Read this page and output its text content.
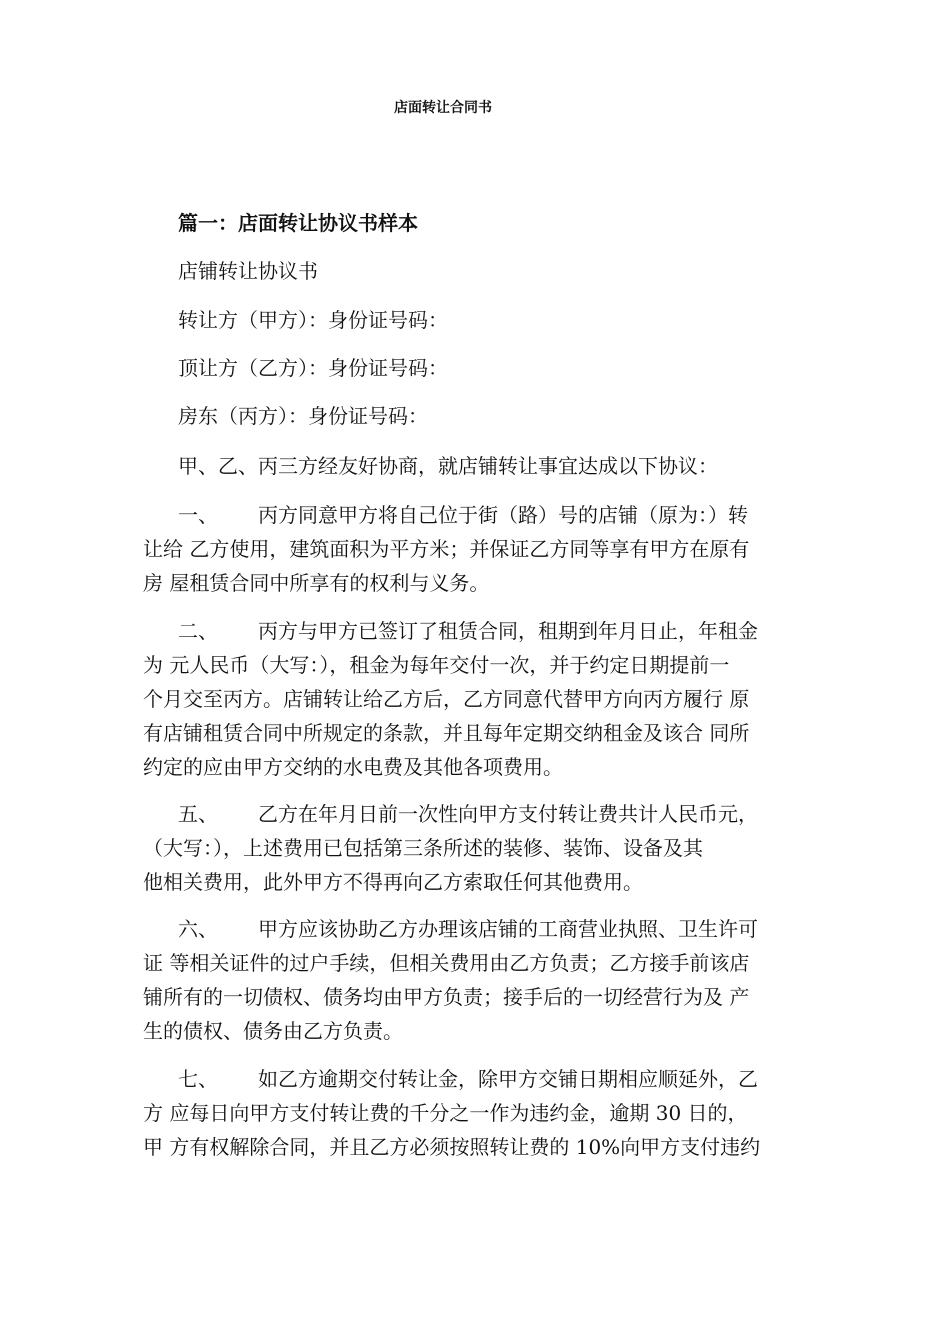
店面转让合同书
篇一：店面转让协议书样本
店铺转让协议书
转让方（甲方）：身份证号码：
顶让方（乙方）：身份证号码：
房东（丙方）：身份证号码：
甲、乙、丙三方经友好协商，就店铺转让事宜达成以下协议：
一、 丙方同意甲方将自己位于街（路）号的店铺（原为：）转
让给 乙方使用，建筑面积为平方米；并保证乙方同等享有甲方在原有
房 屋租赁合同中所享有的权利与义务。
二、 丙方与甲方已签订了租赁合同，租期到年月日止，年租金
为 元人民币（大写：），租金为每年交付一次，并于约定日期提前一
个月交至丙方。店铺转让给乙方后，乙方同意代替甲方向丙方履行 原
有店铺租赁合同中所规定的条款，并且每年定期交纳租金及该合 同所
约定的应由甲方交纳的水电费及其他各项费用。
五、 乙方在年月日前一次性向甲方支付转让费共计人民币元，
（大写：），上述费用已包括第三条所述的装修、装饰、设备及其
他相关费用，此外甲方不得再向乙方索取任何其他费用。
六、 甲方应该协助乙方办理该店铺的工商营业执照、卫生许可
证 等相关证件的过户手续，但相关费用由乙方负责；乙方接手前该店
铺所有的一切债权、债务均由甲方负责；接手后的一切经营行为及 产
生的债权、债务由乙方负责。
七、 如乙方逾期交付转让金，除甲方交铺日期相应顺延外，乙
方 应每日向甲方支付转让费的千分之一作为违约金，逾期 30 日的，
甲 方有权解除合同，并且乙方必须按照转让费的 10%向甲方支付违约
